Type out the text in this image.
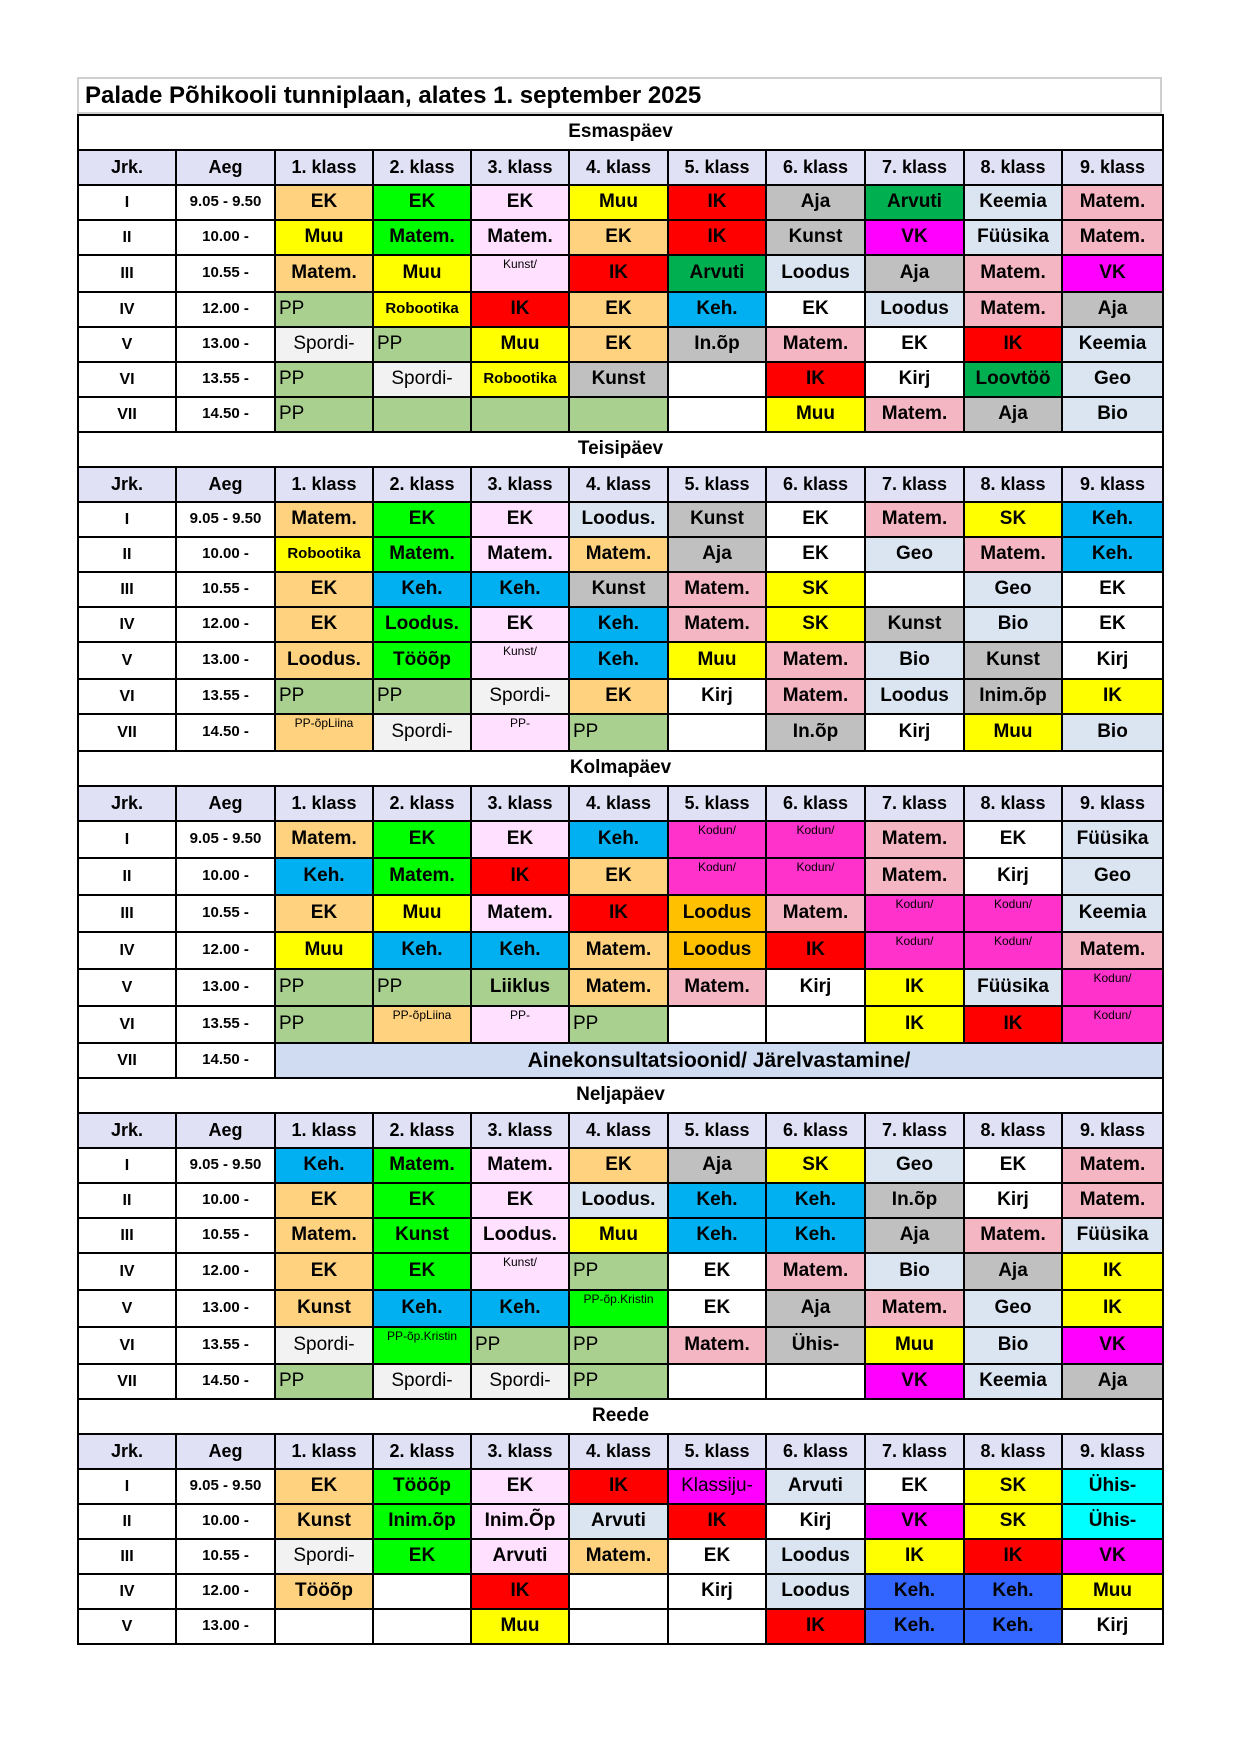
Palade Põhikooli tunniplaan, alates 1. september 2025
Esmaspäev										
Jrk.	Aeg	1. klass	2. klass	3. klass	4. klass	5. klass	6. klass	7. klass	8. klass	9. klass
I	9.05 - 9.50	EK	EK	EK	Muu	IK	Aja	Arvuti	Keemia	Matem.
II	10.00 -	Muu	Matem.	Matem.	EK	IK	Kunst	VK	Füüsika	Matem.
III	10.55 -	Matem.	Muu	Kunst/	IK	Arvuti	Loodus	Aja	Matem.	VK
IV	12.00 -	PP	Robootika	IK	EK	Keh.	EK	Loodus	Matem.	Aja
V	13.00 -	Spordi-	PP	Muu	EK	In.õp	Matem.	EK	IK	Keemia
VI	13.55 -	PP	Spordi-	Robootika	Kunst		IK	Kirj	Loovtöö	Geo
VII	14.50 -	PP					Muu	Matem.	Aja	Bio
Teisipäev										
Jrk.	Aeg	1. klass	2. klass	3. klass	4. klass	5. klass	6. klass	7. klass	8. klass	9. klass
I	9.05 - 9.50	Matem.	EK	EK	Loodus.	Kunst	EK	Matem.	SK	Keh.
II	10.00 -	Robootika	Matem.	Matem.	Matem.	Aja	EK	Geo	Matem.	Keh.
III	10.55 -	EK	Keh.	Keh.	Kunst	Matem.	SK		Geo	EK
IV	12.00 -	EK	Loodus.	EK	Keh.	Matem.	SK	Kunst	Bio	EK
V	13.00 -	Loodus.	Tööõp	Kunst/	Keh.	Muu	Matem.	Bio	Kunst	Kirj
VI	13.55 -	PP	PP	Spordi-	EK	Kirj	Matem.	Loodus	Inim.õp	IK
VII	14.50 -	PP-õpLiina	Spordi-	PP-	PP		In.õp	Kirj	Muu	Bio
Kolmapäev										
Jrk.	Aeg	1. klass	2. klass	3. klass	4. klass	5. klass	6. klass	7. klass	8. klass	9. klass
I	9.05 - 9.50	Matem.	EK	EK	Keh.	Kodun/	Kodun/	Matem.	EK	Füüsika
II	10.00 -	Keh.	Matem.	IK	EK	Kodun/	Kodun/	Matem.	Kirj	Geo
III	10.55 -	EK	Muu	Matem.	IK	Loodus	Matem.	Kodun/	Kodun/	Keemia
IV	12.00 -	Muu	Keh.	Keh.	Matem.	Loodus	IK	Kodun/	Kodun/	Matem.
V	13.00 -	PP	PP	Liiklus	Matem.	Matem.	Kirj	IK	Füüsika	Kodun/
VI	13.55 -	PP	PP-õpLiina	PP-	PP			IK	IK	Kodun/
VII	14.50 -	Ainekonsultatsioonid/ Järelvastamine/								
Neljapäev										
Jrk.	Aeg	1. klass	2. klass	3. klass	4. klass	5. klass	6. klass	7. klass	8. klass	9. klass
I	9.05 - 9.50	Keh.	Matem.	Matem.	EK	Aja	SK	Geo	EK	Matem.
II	10.00 -	EK	EK	EK	Loodus.	Keh.	Keh.	In.õp	Kirj	Matem.
III	10.55 -	Matem.	Kunst	Loodus.	Muu	Keh.	Keh.	Aja	Matem.	Füüsika
IV	12.00 -	EK	EK	Kunst/	PP	EK	Matem.	Bio	Aja	IK
V	13.00 -	Kunst	Keh.	Keh.	PP-õp.Kristin	EK	Aja	Matem.	Geo	IK
VI	13.55 -	Spordi-	PP-õp.Kristin	PP	PP	Matem.	Ühis-	Muu	Bio	VK
VII	14.50 -	PP	Spordi-	Spordi-	PP			VK	Keemia	Aja
Reede										
Jrk.	Aeg	1. klass	2. klass	3. klass	4. klass	5. klass	6. klass	7. klass	8. klass	9. klass
I	9.05 - 9.50	EK	Tööõp	EK	IK	Klassiju-	Arvuti	EK	SK	Ühis-
II	10.00 -	Kunst	Inim.õp	Inim.Õp	Arvuti	IK	Kirj	VK	SK	Ühis-
III	10.55 -	Spordi-	EK	Arvuti	Matem.	EK	Loodus	IK	IK	VK
IV	12.00 -	Tööõp		IK		Kirj	Loodus	Keh.	Keh.	Muu
V	13.00 -			Muu			IK	Keh.	Keh.	Kirj
